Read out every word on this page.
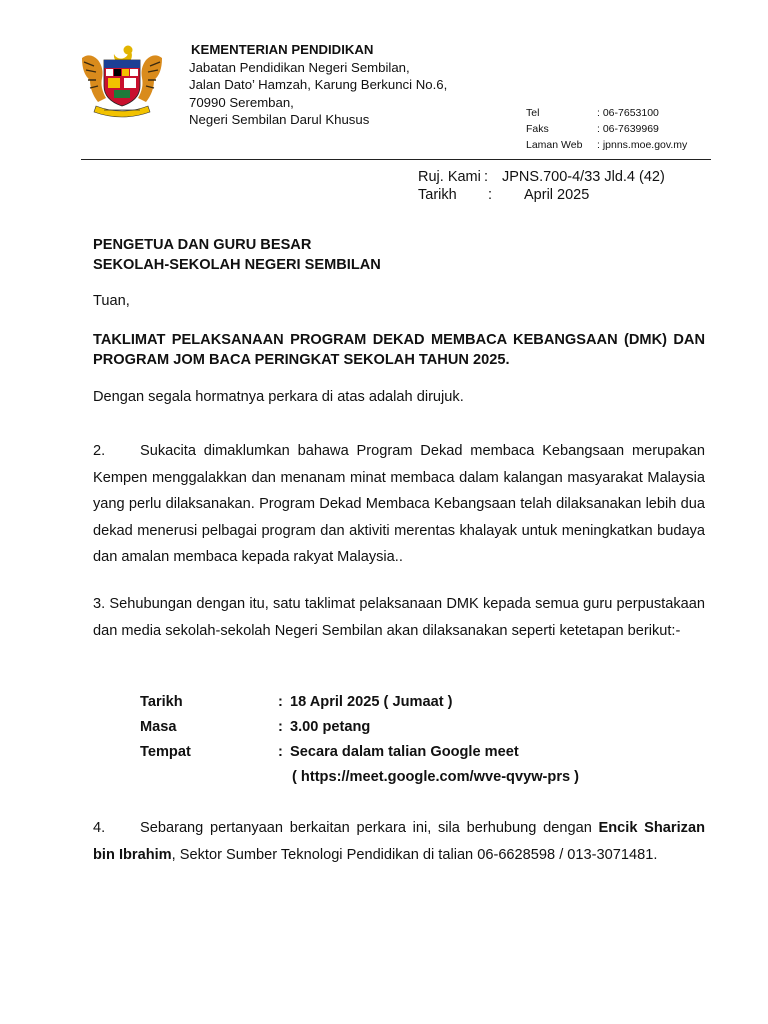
KEMENTERIAN PENDIDIKAN
Jabatan Pendidikan Negeri Sembilan,
Jalan Dato’ Hamzah, Karung Berkunci No.6,
70990 Seremban,
Negeri Sembilan Darul Khusus	Tel	: 06-7653100
Faks	: 06-7639969
Laman Web	: jpnns.moe.gov.my
Ruj. Kami : JPNS.700-4/33 Jld.4 (42)
Tarikh	:	April 2025
PENGETUA DAN GURU BESAR
SEKOLAH-SEKOLAH NEGERI SEMBILAN
Tuan,
TAKLIMAT PELAKSANAAN PROGRAM DEKAD MEMBACA KEBANGSAAN (DMK) DAN PROGRAM JOM BACA PERINGKAT SEKOLAH TAHUN 2025.
Dengan segala hormatnya perkara di atas adalah dirujuk.
2. Sukacita dimaklumkan bahawa Program Dekad membaca Kebangsaan merupakan Kempen menggalakkan dan menanam minat membaca dalam kalangan masyarakat Malaysia yang perlu dilaksanakan. Program Dekad Membaca Kebangsaan telah dilaksanakan lebih dua dekad menerusi pelbagai program dan aktiviti merentas khalayak untuk meningkatkan budaya dan amalan membaca kepada rakyat Malaysia..
3. Sehubungan dengan itu, satu taklimat pelaksanaan DMK kepada semua guru perpustakaan dan media sekolah-sekolah Negeri Sembilan akan dilaksanakan seperti ketetapan berikut:-
Tarikh	: 18 April 2025 ( Jumaat )
Masa	: 3.00 petang
Tempat	: Secara dalam talian Google meet
( https://meet.google.com/wve-qvyw-prs )
4. Sebarang pertanyaan berkaitan perkara ini, sila berhubung dengan Encik Sharizan bin Ibrahim, Sektor Sumber Teknologi Pendidikan di talian 06-6628598 / 013-3071481.
